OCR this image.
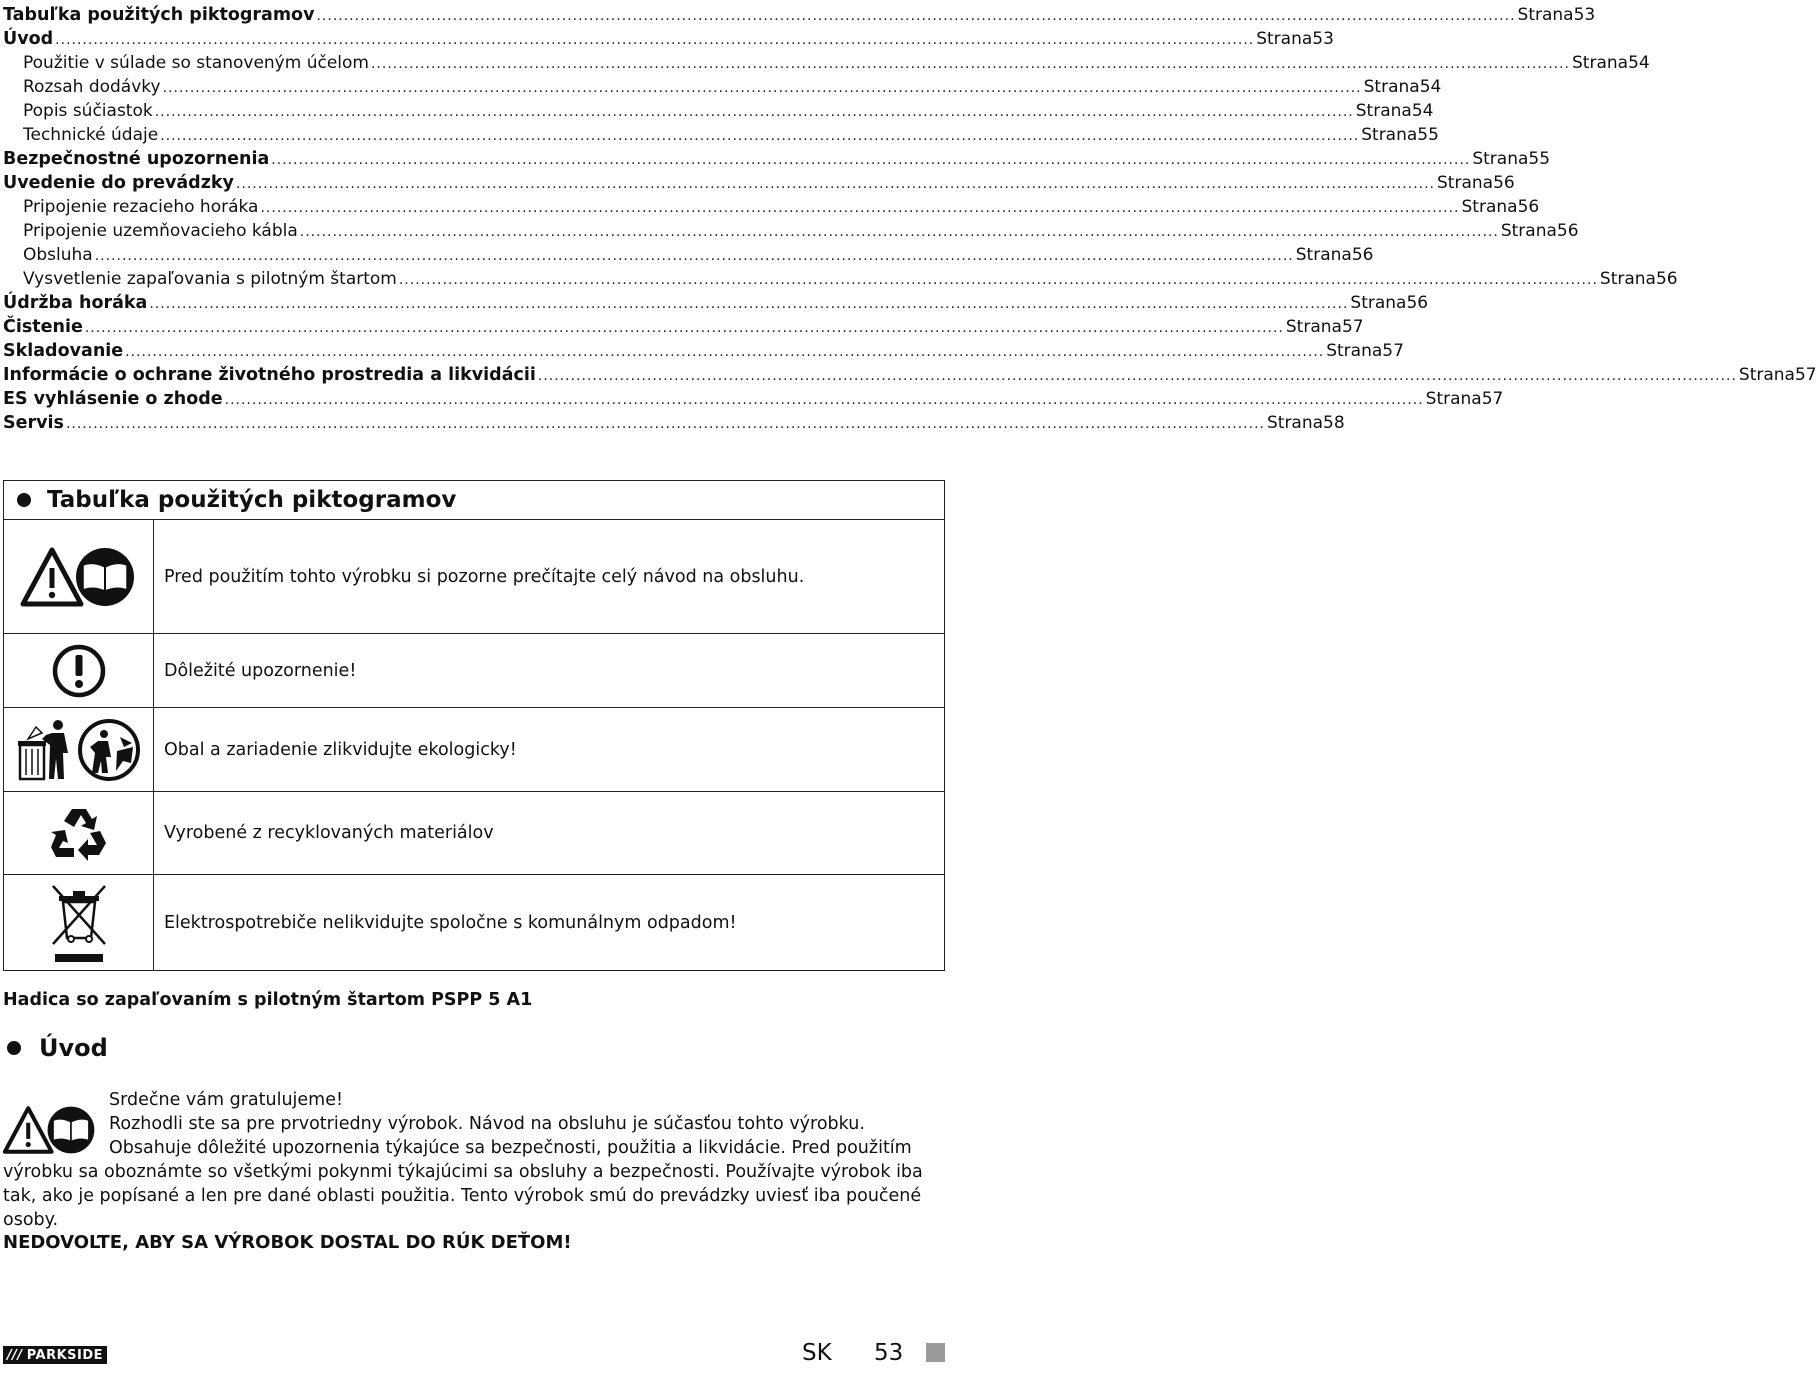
Tabuľka použitých piktogramov ............................................................................................................................................................................................................................ Strana 53
Úvod ............................................................................................................................................................................................................................ Strana 53
Použitie v súlade so stanoveným účelom ............................................................................................................................................................................................................................ Strana 54
Rozsah dodávky ............................................................................................................................................................................................................................ Strana 54
Popis súčiastok ............................................................................................................................................................................................................................ Strana 54
Technické údaje ............................................................................................................................................................................................................................ Strana 55
Bezpečnostné upozornenia ............................................................................................................................................................................................................................ Strana 55
Uvedenie do prevádzky ............................................................................................................................................................................................................................ Strana 56
Pripojenie rezacieho horáka ............................................................................................................................................................................................................................ Strana 56
Pripojenie uzemňovacieho kábla ............................................................................................................................................................................................................................ Strana 56
Obsluha ............................................................................................................................................................................................................................ Strana 56
Vysvetlenie zapaľovania s pilotným štartom ............................................................................................................................................................................................................................ Strana 56
Údržba horáka ............................................................................................................................................................................................................................ Strana 56
Čistenie ............................................................................................................................................................................................................................ Strana 57
Skladovanie ............................................................................................................................................................................................................................ Strana 57
Informácie o ochrane životného prostredia a likvidácii ............................................................................................................................................................................................................................ Strana 57
ES vyhlásenie o zhode ............................................................................................................................................................................................................................ Strana 57
Servis ............................................................................................................................................................................................................................ Strana 58
Tabuľka použitých piktogramov
Pred použitím tohto výrobku si pozorne prečítajte celý návod na obsluhu.
Dôležité upozornenie!
Obal a zariadenie zlikvidujte ekologicky!
Vyrobené z recyklovaných materiálov
Elektrospotrebiče nelikvidujte spoločne s komunálnym odpadom!
Hadica so zapaľovaním s pilotným štartom PSPP 5 A1
Úvod
Srdečne vám gratulujeme!
Rozhodli ste sa pre prvotriedny výrobok. Návod na obsluhu je súčasťou tohto výrobku. Obsahuje dôležité upozornenia týkajúce sa bezpečnosti, použitia a likvidácie. Pred použitím výrobku sa oboznámte so všetkými pokynmi týkajúcimi sa obsluhy a bezpečnosti. Používajte výrobok iba tak, ako je popísané a len pre dané oblasti použitia. Tento výrobok smú do prevádzky uviesť iba poučené osoby.

NEDOVOĽTE, ABY SA VÝROBOK DOSTAL DO RÚK DEŤOM!

/// PARKSIDE	SK 53
